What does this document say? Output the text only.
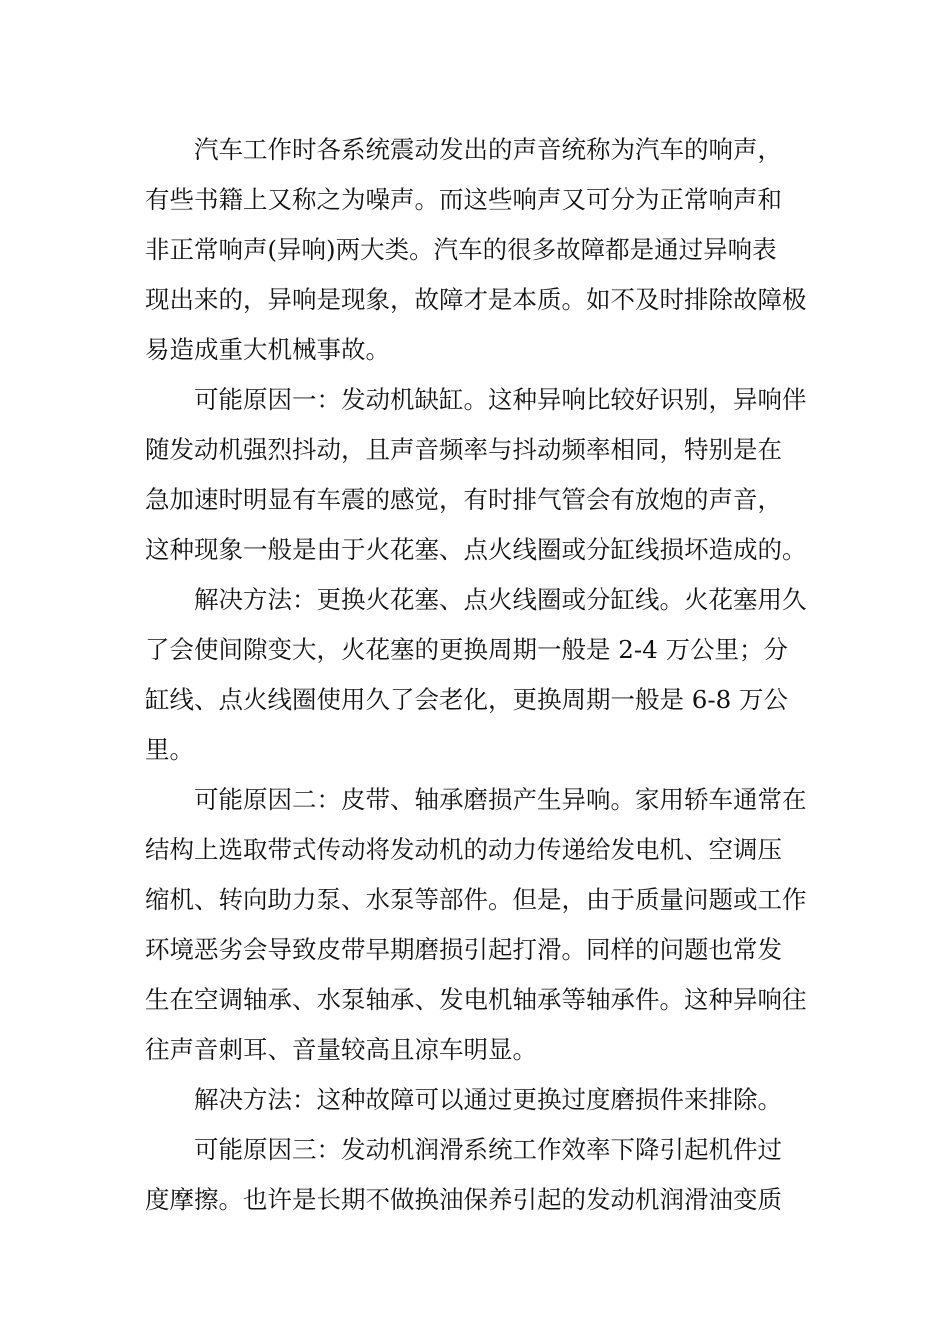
汽车工作时各系统震动发出的声音统称为汽车的响声，
有些书籍上又称之为噪声。而这些响声又可分为正常响声和
非正常响声(异响)两大类。汽车的很多故障都是通过异响表
现出来的，异响是现象，故障才是本质。如不及时排除故障极
易造成重大机械事故。

可能原因一：发动机缺缸。这种异响比较好识别，异响伴
随发动机强烈抖动，且声音频率与抖动频率相同，特别是在
急加速时明显有车震的感觉，有时排气管会有放炮的声音，
这种现象一般是由于火花塞、点火线圈或分缸线损坏造成的。

解决方法：更换火花塞、点火线圈或分缸线。火花塞用久
了会使间隙变大，火花塞的更换周期一般是 2-4 万公里；分
缸线、点火线圈使用久了会老化，更换周期一般是 6-8 万公
里。

可能原因二：皮带、轴承磨损产生异响。家用轿车通常在
结构上选取带式传动将发动机的动力传递给发电机、空调压
缩机、转向助力泵、水泵等部件。但是，由于质量问题或工作
环境恶劣会导致皮带早期磨损引起打滑。同样的问题也常发
生在空调轴承、水泵轴承、发电机轴承等轴承件。这种异响往
往声音刺耳、音量较高且凉车明显。

解决方法：这种故障可以通过更换过度磨损件来排除。

可能原因三：发动机润滑系统工作效率下降引起机件过
度摩擦。也许是长期不做换油保养引起的发动机润滑油变质
